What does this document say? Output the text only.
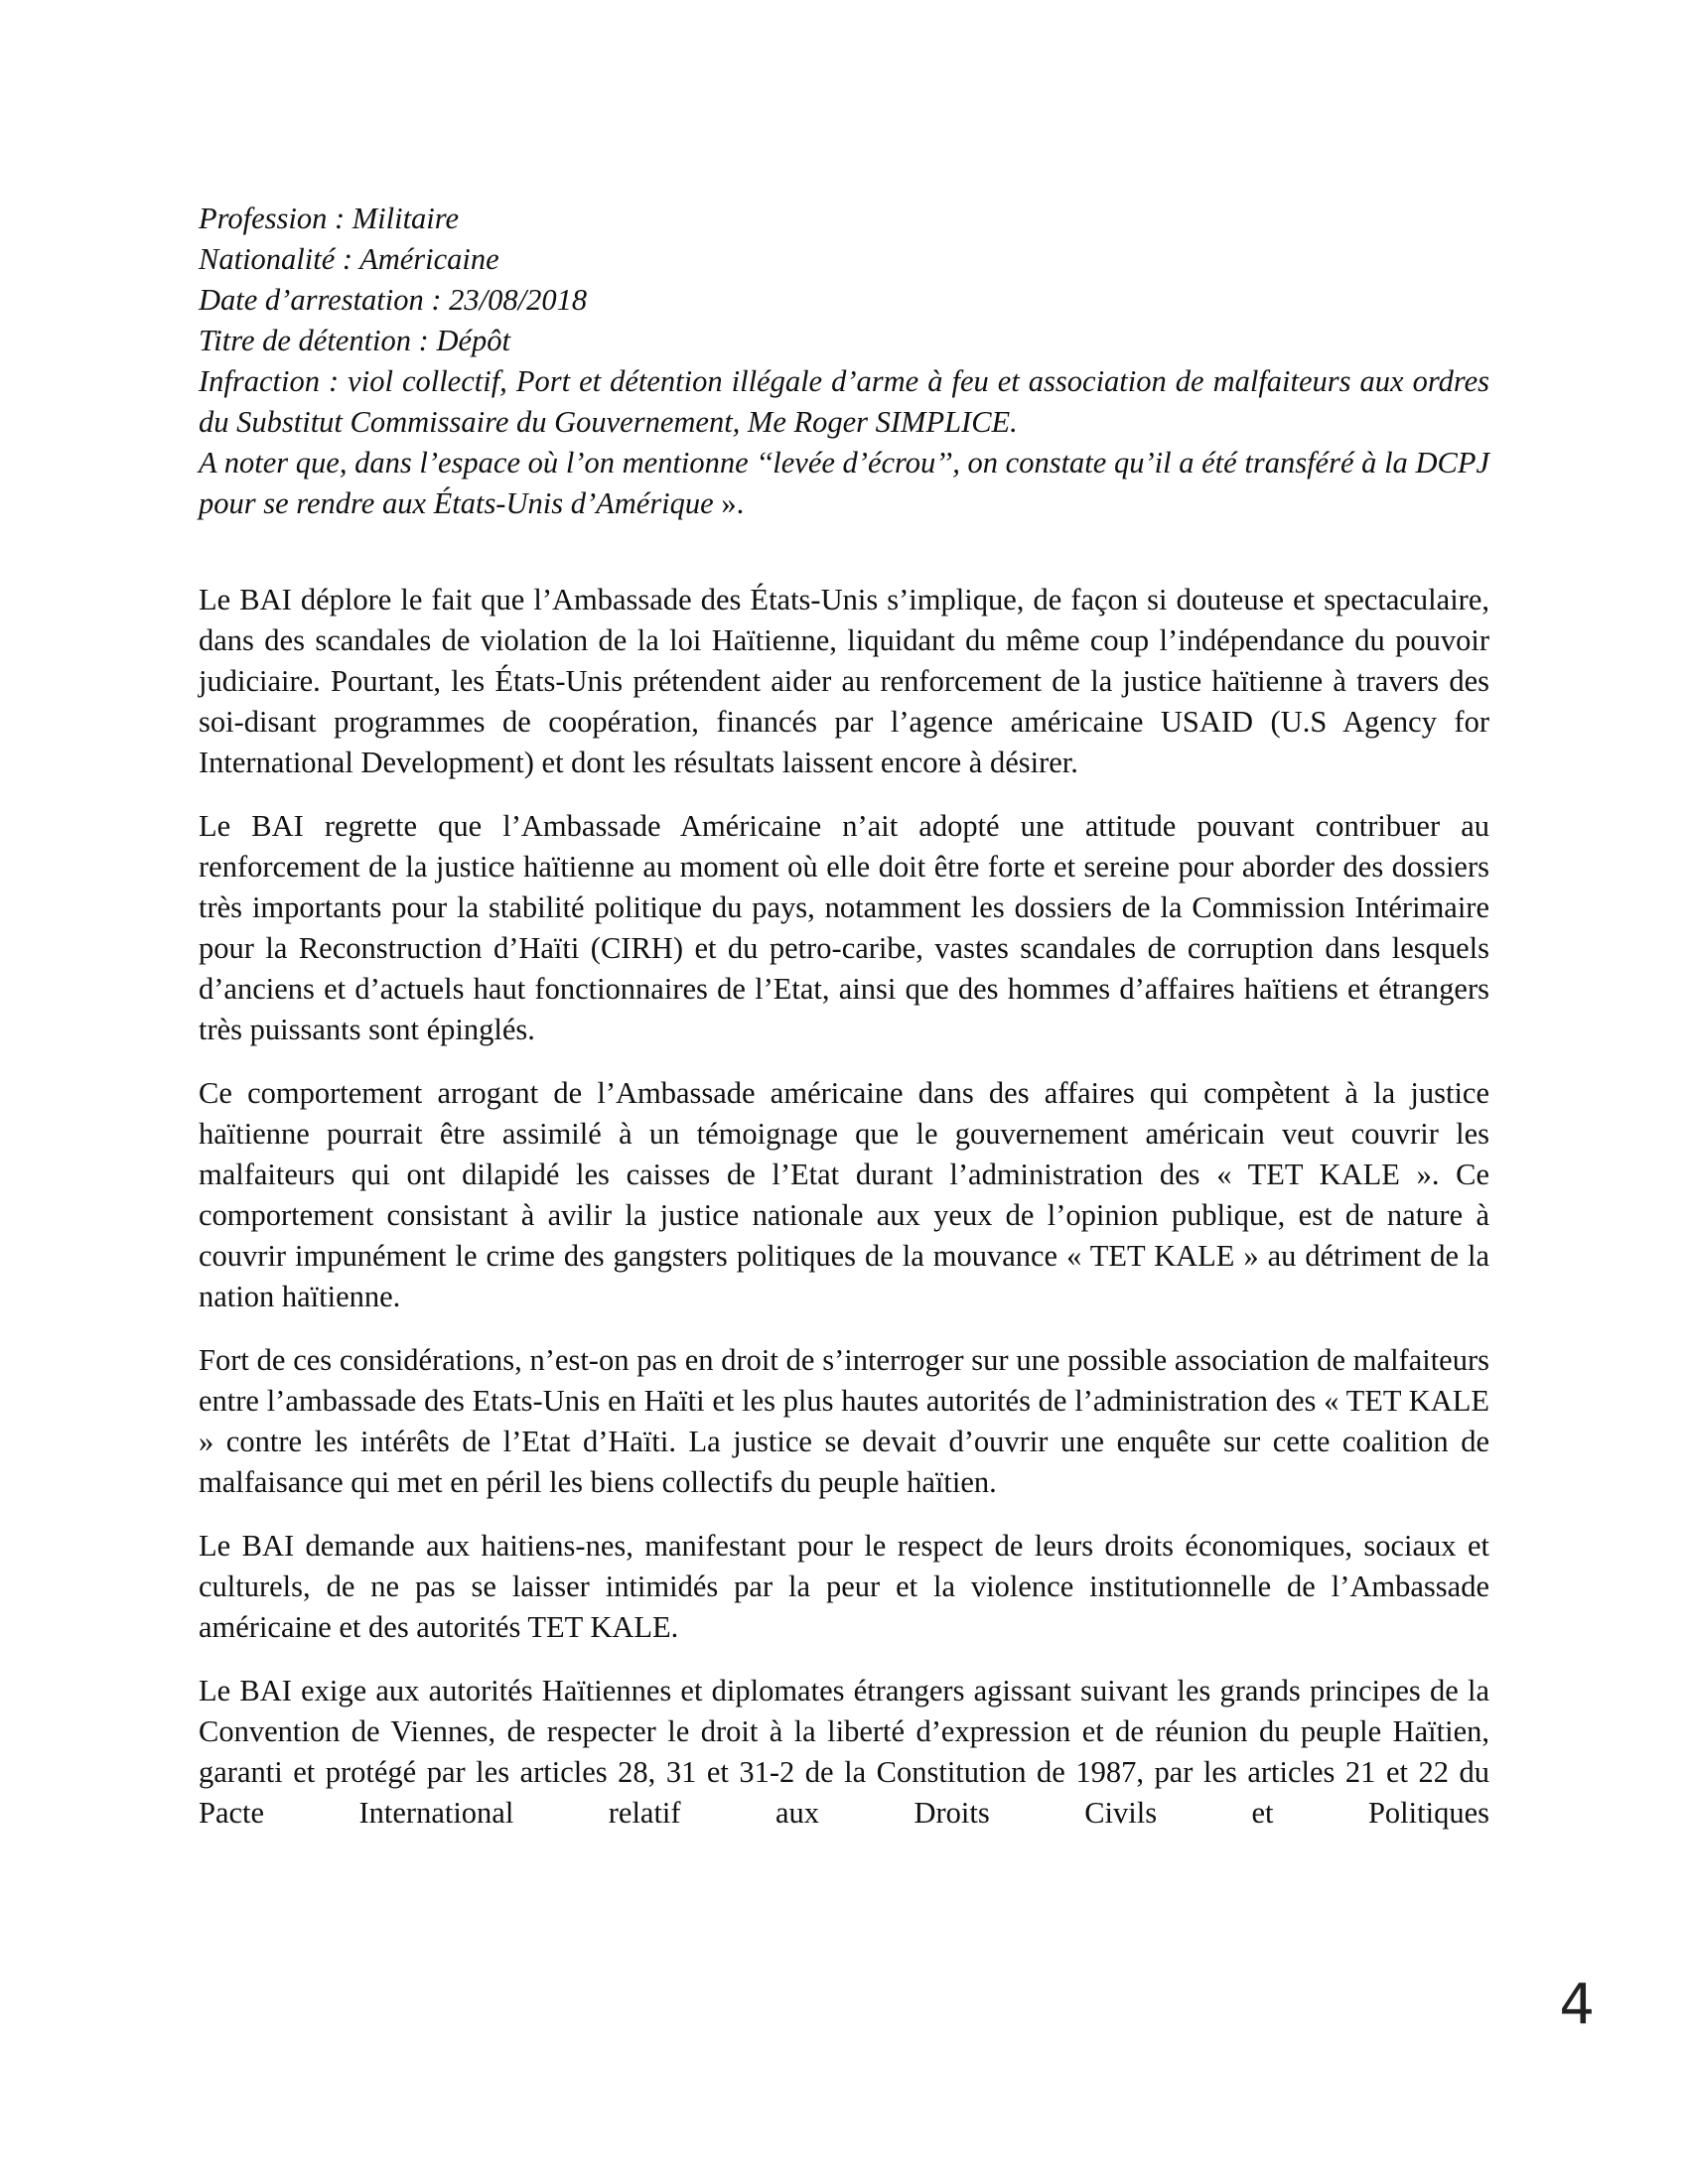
Profession : Militaire

Nationalité : Américaine

Date d’arrestation : 23/08/2018

Titre de détention : Dépôt

Infraction : viol collectif, Port et détention illégale d’arme à feu et association de malfaiteurs aux ordres du Substitut Commissaire du Gouvernement, Me Roger SIMPLICE.

A noter que, dans l’espace où l’on mentionne ‘‘levée d’écrou’’, on constate qu’il a été transféré à la DCPJ pour se rendre aux États-Unis d’Amérique ».

Le BAI déplore le fait que l’Ambassade des États-Unis s’implique, de façon si douteuse et spectaculaire, dans des scandales de violation de la loi Haïtienne, liquidant du même coup l’indépendance du pouvoir judiciaire. Pourtant, les États-Unis prétendent aider au renforcement de la justice haïtienne à travers des soi-disant programmes de coopération, financés par l’agence américaine USAID (U.S Agency for International Development) et dont les résultats laissent encore à désirer.

Le BAI regrette que l’Ambassade Américaine n’ait adopté une attitude pouvant contribuer au renforcement de la justice haïtienne au moment où elle doit être forte et sereine pour aborder des dossiers très importants pour la stabilité politique du pays, notamment les dossiers de la Commission Intérimaire pour la Reconstruction d’Haïti (CIRH) et du petro-caribe, vastes scandales de corruption dans lesquels d’anciens et d’actuels haut fonctionnaires de l’Etat, ainsi que des hommes d’affaires haïtiens et étrangers très puissants sont épinglés.

Ce comportement arrogant de l’Ambassade américaine dans des affaires qui compètent à la justice haïtienne pourrait être assimilé à un témoignage que le gouvernement américain veut couvrir les malfaiteurs qui ont dilapidé les caisses de l’Etat durant l’administration des « TET KALE ». Ce comportement consistant à avilir la justice nationale aux yeux de l’opinion publique, est de nature à couvrir impunément le crime des gangsters politiques de la mouvance « TET KALE » au détriment de la nation haïtienne.

Fort de ces considérations, n’est-on pas en droit de s’interroger sur une possible association de malfaiteurs entre l’ambassade des Etats-Unis en Haïti et les plus hautes autorités de l’administration des « TET KALE » contre les intérêts de l’Etat d’Haïti. La justice se devait d’ouvrir une enquête sur cette coalition de malfaisance qui met en péril les biens collectifs du peuple haïtien.

Le BAI demande aux haitiens-nes, manifestant pour le respect de leurs droits économiques, sociaux et culturels, de ne pas se laisser intimidés par la peur et la violence institutionnelle de l’Ambassade américaine et des autorités TET KALE.

Le BAI exige aux autorités Haïtiennes et diplomates étrangers agissant suivant les grands principes de la Convention de Viennes, de respecter le droit à la liberté d’expression et de réunion du peuple Haïtien, garanti et protégé par les articles 28, 31 et 31-2 de la Constitution de 1987, par les articles 21 et 22 du Pacte International relatif aux Droits Civils et Politiques

4
